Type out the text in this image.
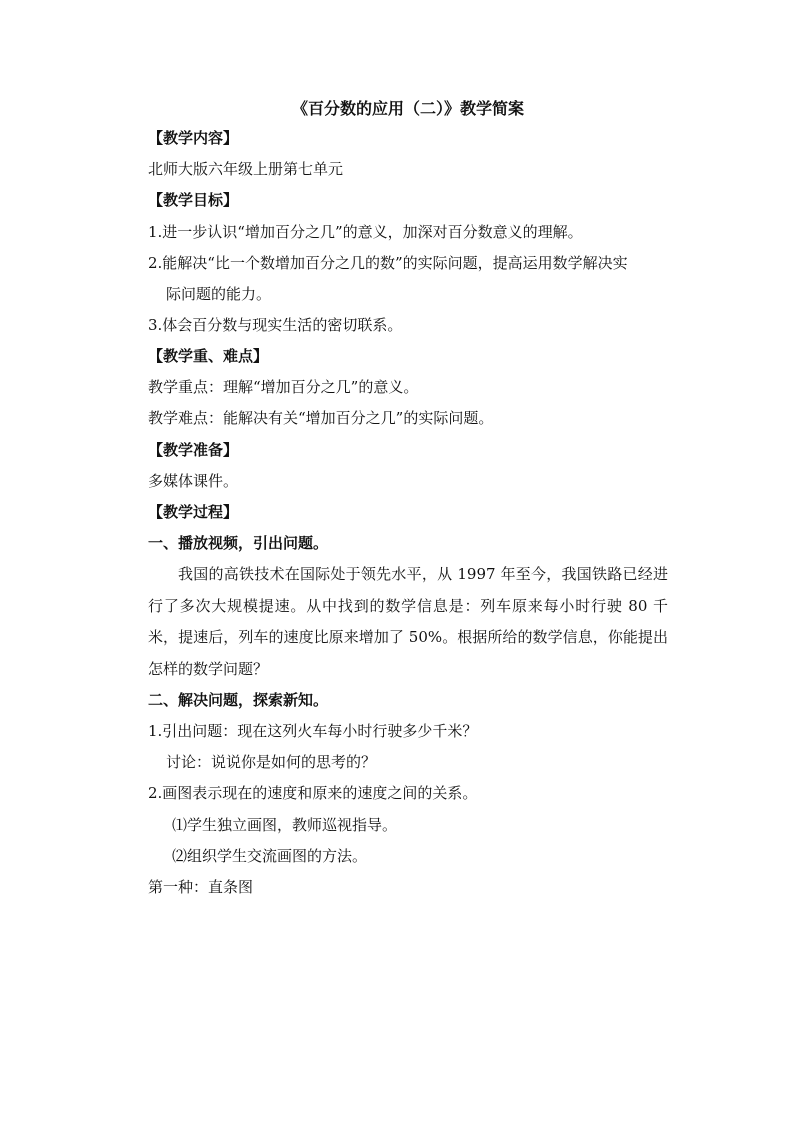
《百分数的应用（二）》教学简案
【教学内容】
北师大版六年级上册第七单元
【教学目标】
1.进一步认识“增加百分之几”的意义，加深对百分数意义的理解。
2.能解决“比一个数增加百分之几的数”的实际问题，提高运用数学解决实
际问题的能力。
3.体会百分数与现实生活的密切联系。
【教学重、难点】
教学重点：理解“增加百分之几”的意义。
教学难点：能解决有关“增加百分之几”的实际问题。
【教学准备】
多媒体课件。
【教学过程】
一、播放视频，引出问题。
我国的高铁技术在国际处于领先水平，从 1997 年至今，我国铁路已经进行了多次大规模提速。从中找到的数学信息是：列车原来每小时行驶 80 千米，提速后，列车的速度比原来增加了 50%。根据所给的数学信息，你能提出怎样的数学问题？
二、解决问题，探索新知。
1.引出问题：现在这列火车每小时行驶多少千米？
讨论：说说你是如何的思考的？
2.画图表示现在的速度和原来的速度之间的关系。
⑴学生独立画图，教师巡视指导。
⑵组织学生交流画图的方法。
第一种：直条图
